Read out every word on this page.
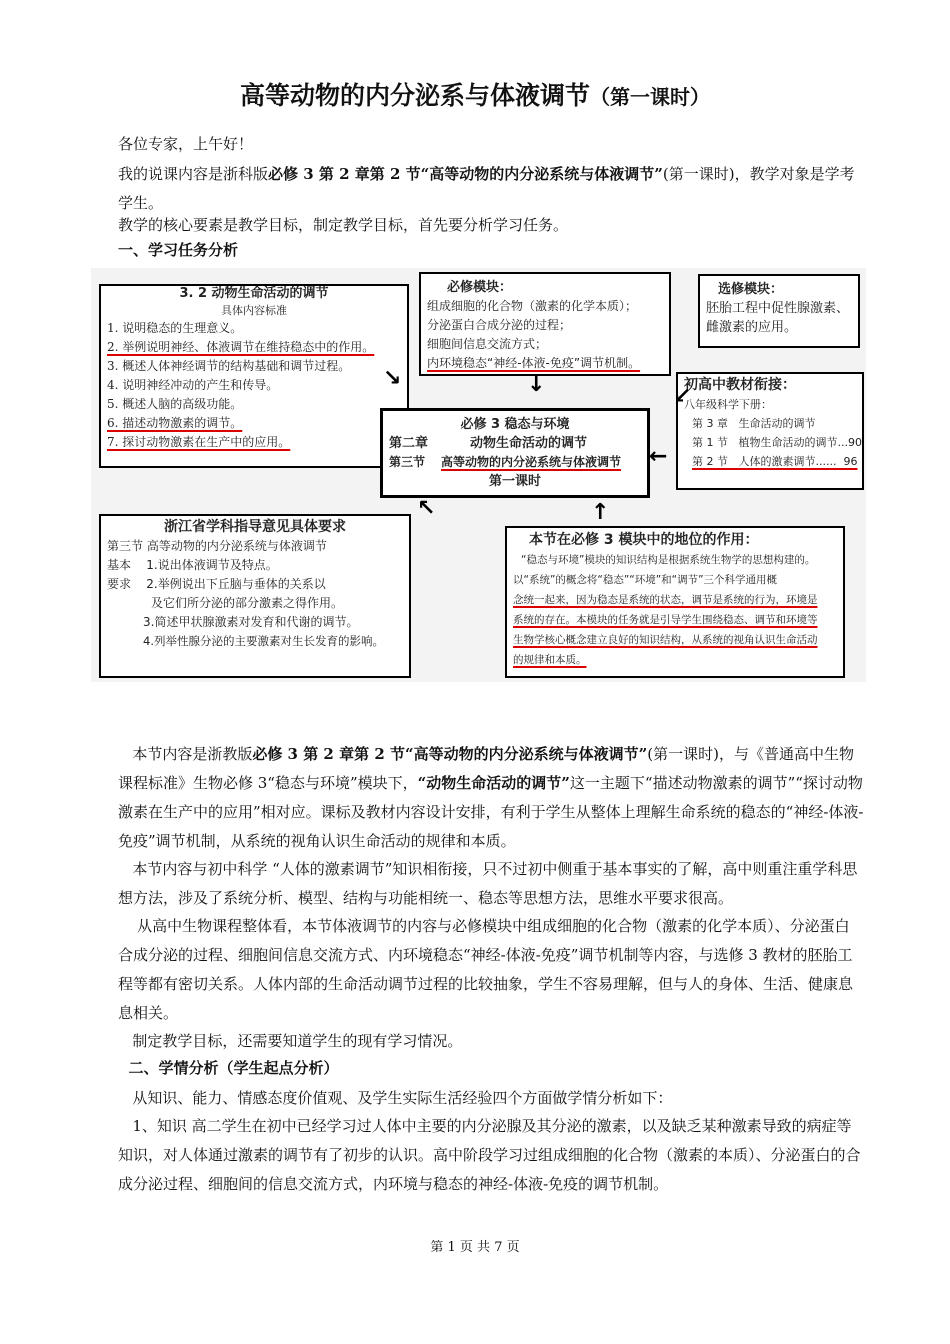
高等动物的内分泌系与体液调节（第一课时）
各位专家，上午好！
我的说课内容是浙科版必修 3 第 2 章第 2 节“高等动物的内分泌系统与体液调节”(第一课时)，教学对象是学考学生。
教学的核心要素是教学目标，制定教学目标，首先要分析学习任务。
一、学习任务分析
3. 2 动物生命活动的调节
具体内容标准
1. 说明稳态的生理意义。
2. 举例说明神经、体液调节在维持稳态中的作用。
3. 概述人体神经调节的结构基础和调节过程。
4. 说明神经冲动的产生和传导。
5. 概述人脑的高级功能。
6. 描述动物激素的调节。
7. 探讨动物激素在生产中的应用。
必修模块：
组成细胞的化合物（激素的化学本质）；
分泌蛋白合成分泌的过程；
细胞间信息交流方式；
内环境稳态“神经-体液-免疫”调节机制。
选修模块：
胚胎工程中促性腺激素、
雌激素的应用。
必修 3 稳态与环境
第二章	动物生命活动的调节
第三节 高等动物的内分泌系统与体液调节
第一课时
初高中教材衔接：
八年级科学下册：
第 3 章 生命活动的调节
第 1 节 植物生命活动的调节...90
第 2 节 人体的激素调节......  96
浙江省学科指导意见具体要求
第三节 高等动物的内分泌系统与体液调节
基本 1.说出体液调节及特点。
要求 2.举例说出下丘脑与垂体的关系以
及它们所分泌的部分激素之得作用。
3.简述甲状腺激素对发育和代谢的调节。
4.列举性腺分泌的主要激素对生长发育的影响。
本节在必修 3 模块中的地位的作用：
“稳态与环境”模块的知识结构是根据系统生物学的思想构建的。
以“系统”的概念将“稳态”“环境”和“调节”三个科学通用概
念统一起来，因为稳态是系统的状态，调节是系统的行为，环境是
系统的存在。本模块的任务就是引导学生围绕稳态、调节和环境等
生物学核心概念建立良好的知识结构，从系统的视角认识生命活动
的规律和本质。
↘	↓	↙
←
↖	↑
本节内容是浙教版必修 3 第 2 章第 2 节“高等动物的内分泌系统与体液调节”(第一课时)，与《普通高中生物课程标准》生物必修 3“稳态与环境”模块下，“动物生命活动的调节”这一主题下“描述动物激素的调节”“探讨动物激素在生产中的应用”相对应。课标及教材内容设计安排，有利于学生从整体上理解生命系统的稳态的“神经-体液-免疫”调节机制，从系统的视角认识生命活动的规律和本质。
本节内容与初中科学 “人体的激素调节”知识相衔接，只不过初中侧重于基本事实的了解，高中则重注重学科思想方法，涉及了系统分析、模型、结构与功能相统一、稳态等思想方法，思维水平要求很高。
从高中生物课程整体看，本节体液调节的内容与必修模块中组成细胞的化合物（激素的化学本质）、分泌蛋白合成分泌的过程、细胞间信息交流方式、内环境稳态“神经-体液-免疫”调节机制等内容，与选修 3 教材的胚胎工程等都有密切关系。人体内部的生命活动调节过程的比较抽象，学生不容易理解，但与人的身体、生活、健康息息相关。
制定教学目标，还需要知道学生的现有学习情况。
二、学情分析（学生起点分析）
从知识、能力、情感态度价值观、及学生实际生活经验四个方面做学情分析如下：
1、知识 高二学生在初中已经学习过人体中主要的内分泌腺及其分泌的激素，以及缺乏某种激素导致的病症等知识，对人体通过激素的调节有了初步的认识。高中阶段学习过组成细胞的化合物（激素的本质）、分泌蛋白的合成分泌过程、细胞间的信息交流方式，内环境与稳态的神经-体液-免疫的调节机制。
第 1 页 共 7 页
